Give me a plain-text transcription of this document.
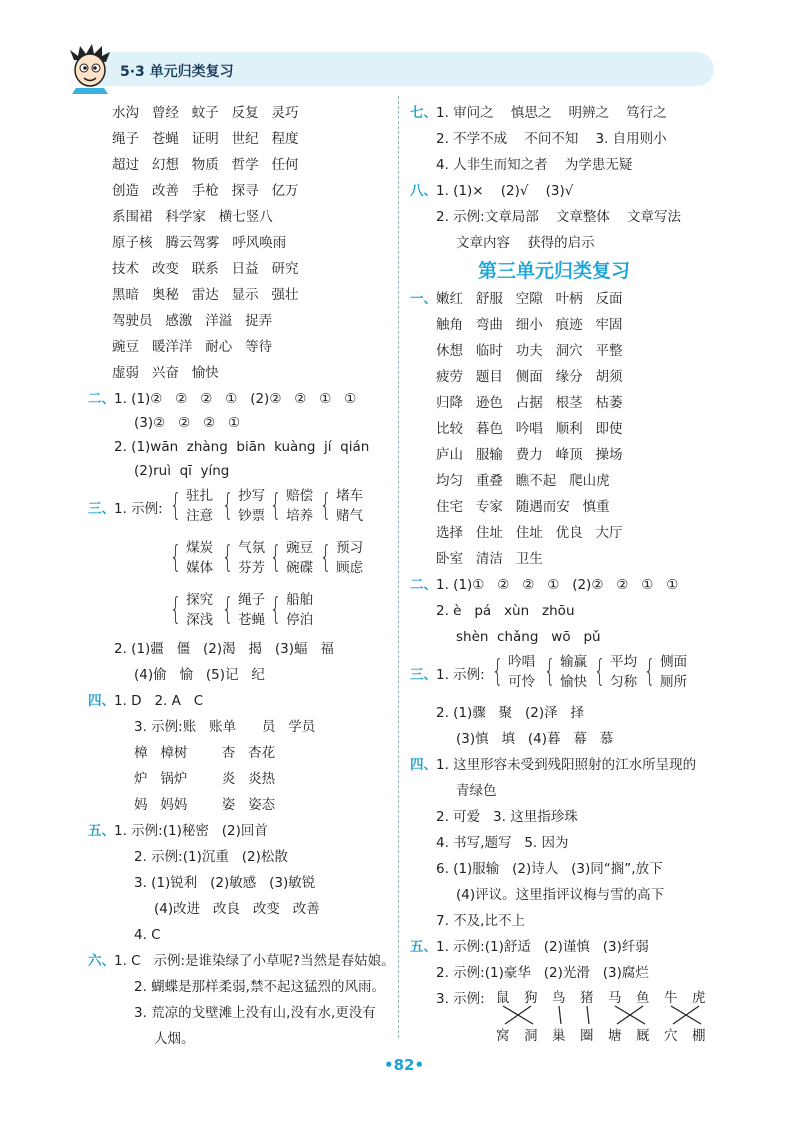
5·3 单元归类复习
水沟   曾经   蚊子   反复   灵巧
绳子   苍蝇   证明   世纪   程度
超过   幻想   物质   哲学   任何
创造   改善   手枪   探寻   亿万
系围裙   科学家   横七竖八
原子核   腾云驾雾   呼风唤雨
技术   改变   联系   日益   研究
黑暗   奥秘   雷达   显示   强壮
驾驶员   感激   洋溢   捉弄
豌豆   暖洋洋   耐心   等待
虚弱   兴奋   愉快
二、 1. (1)②   ②   ②   ①   (2)②   ②   ①   ①
(3)②   ②   ②   ①
2. (1)wān  zhàng  biān  kuàng  jí  qián
(2)ruì  qī  yíng
三、 1. 示例: { 驻扎
注意 { 抄写
钞票 { 赔偿
培养 { 堵车
赌气
{ 煤炭
媒体 { 气氛
芬芳 { 豌豆
碗碟 { 预习
顾虑
{ 探究
深浅 { 绳子
苍蝇 { 船舶
停泊
2. (1)疆   僵   (2)渴   揭   (3)蝠   福
(4)偷   愉   (5)记   纪
四、 1. D   2. A   C
3. 示例:账   账单      员   学员
樟   樟树        杏   杏花
炉   锅炉        炎   炎热
妈   妈妈        姿   姿态
五、 1. 示例:(1)秘密   (2)回首
2. 示例:(1)沉重   (2)松散
3. (1)锐利   (2)敏感   (3)敏锐
(4)改进   改良   改变   改善
4. C
六、 1. C   示例:是谁染绿了小草呢?当然是春姑娘。
2. 蝴蝶是那样柔弱,禁不起这猛烈的风雨。
3. 荒凉的戈壁滩上没有山,没有水,更没有
人烟。
七、 1. 审问之    慎思之    明辨之    笃行之
2. 不学不成    不问不知    3. 自用则小
4. 人非生而知之者    为学患无疑
八、 1. (1)×    (2)√    (3)√
2. 示例:文章局部    文章整体    文章写法
文章内容    获得的启示
第三单元归类复习
一、 嫩红   舒服   空隙   叶柄   反面
触角   弯曲   细小   痕迹   牢固
休想   临时   功夫   洞穴   平整
疲劳   题目   侧面   缘分   胡须
归降   逊色   占据   根茎   枯萎
比较   暮色   吟唱   顺利   即使
庐山   服输   费力   峰顶   操场
均匀   重叠   瞧不起   爬山虎
住宅   专家   随遇而安   慎重
选择   住址   住址   优良   大厅
卧室   清洁   卫生
二、 1. (1)①   ②   ②   ①   (2)②   ②   ①   ①
2. è   pá   xùn   zhōu
shèn  chǎng   wō   pǔ
三、 1. 示例: { 吟唱
可怜 { 输赢
愉快 { 平均
匀称 { 侧面
厕所
2. (1)骤   聚   (2)泽   择
(3)慎   填   (4)暮   幕   慕
四、 1. 这里形容未受到残阳照射的江水所呈现的
青绿色
2. 可爱   3. 这里指珍珠
4. 书写,题写   5. 因为
6. (1)服输   (2)诗人   (3)同“搁”,放下
(4)评议。这里指评议梅与雪的高下
7. 不及,比不上
五、 1. 示例:(1)舒适   (2)谨慎   (3)纤弱
2. 示例:(1)豪华   (2)光滑   (3)腐烂
3. 示例: 鼠 狗 鸟 猪 马 鱼 牛 虎
窝 洞 巢 圈 塘 厩 穴 棚
•82•
